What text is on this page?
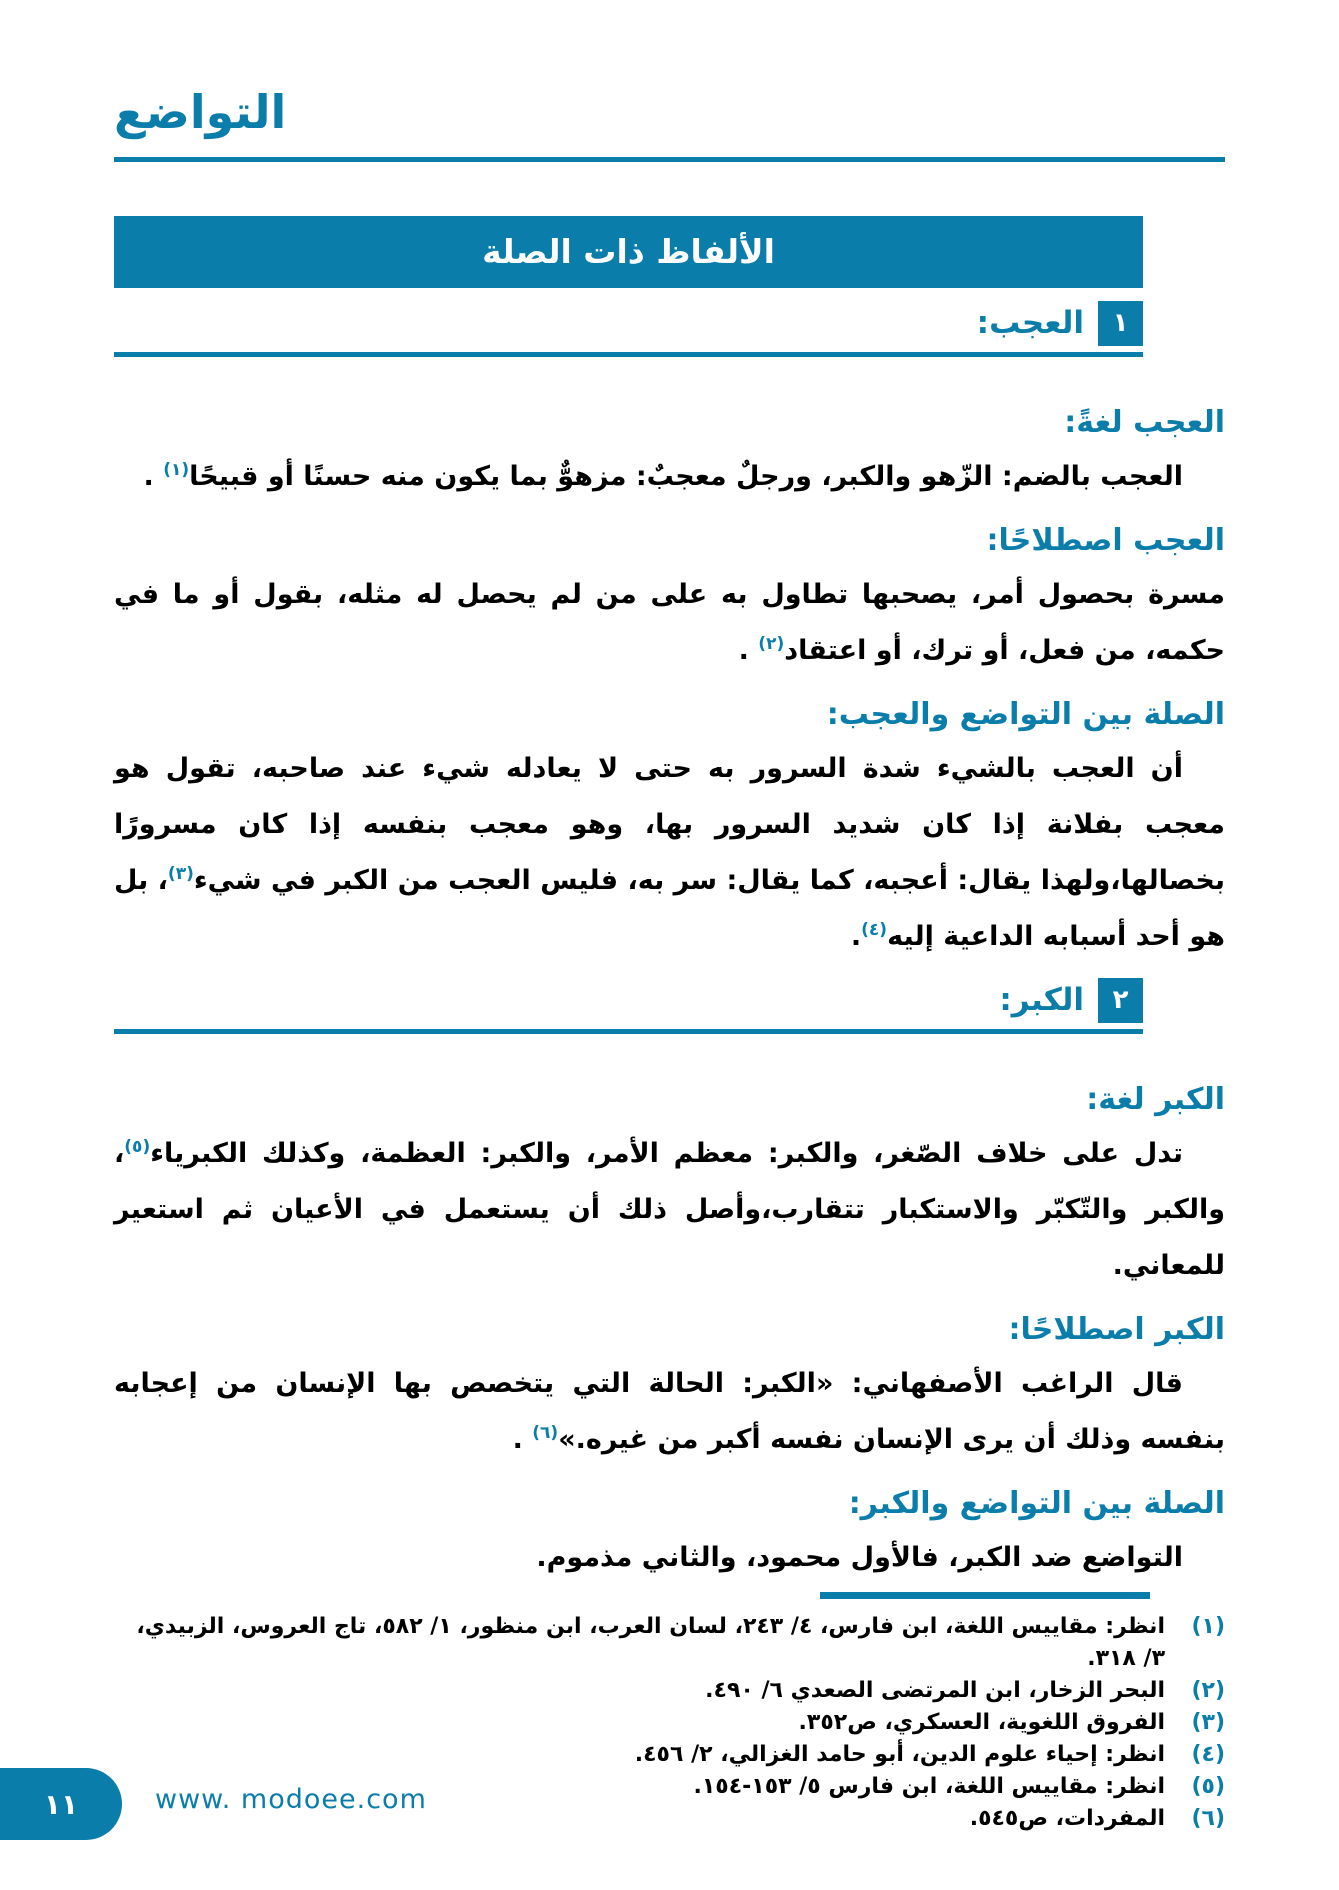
التواضع
الألفاظ ذات الصلة
١
العجب:
العجب لغةً:

العجب بالضم: الزّهو والكبر، ورجلٌ معجبٌ: مزهوٌّ بما يكون منه حسنًا أو قبيحًا$^{(١)}$ .

العجب اصطلاحًا:

مسرة بحصول أمر، يصحبها تطاول به على من لم يحصل له مثله، بقول أو ما في حكمه، من فعل، أو ترك، أو اعتقاد$^{(٢)}$ .

الصلة بين التواضع والعجب:

أن العجب بالشيء شدة السرور به حتى لا يعادله شيء عند صاحبه، تقول هو معجب بفلانة إذا كان شديد السرور بها، وهو معجب بنفسه إذا كان مسرورًا بخصالها،ولهذا يقال: أعجبه، كما يقال: سر به، فليس العجب من الكبر في شيء$^{(٣)}$، بل هو أحد أسبابه الداعية إليه$^{(٤)}$.

٢
الكبر:
الكبر لغة:

تدل على خلاف الصّغر، والكبر: معظم الأمر، والكبر: العظمة، وكذلك الكبرياء$^{(٥)}$، والكبر والتّكبّر والاستكبار تتقارب،وأصل ذلك أن يستعمل في الأعيان ثم استعير للمعاني.

الكبر اصطلاحًا:

قال الراغب الأصفهاني: «الكبر: الحالة التي يتخصص بها الإنسان من إعجابه بنفسه وذلك أن يرى الإنسان نفسه أكبر من غيره.»$^{(٦)}$ .

الصلة بين التواضع والكبر:

التواضع ضد الكبر، فالأول محمود، والثاني مذموم.

(١)
انظر: مقاييس اللغة، ابن فارس، ٤/ ٢٤٣، لسان العرب، ابن منظور، ١/ ٥٨٢، تاج العروس، الزبيدي، ٣/ ٣١٨.
(٢)
البحر الزخار، ابن المرتضى الصعدي ٦/ ٤٩٠.
(٣)
الفروق اللغوية، العسكري، ص٣٥٢.
(٤)
انظر: إحياء علوم الدين، أبو حامد الغزالي، ٢/ ٤٥٦.
(٥)
انظر: مقاييس اللغة، ابن فارس ٥/ ١٥٣-١٥٤.
(٦)
المفردات، ص٥٤٥.
١١	www. modoee.com
